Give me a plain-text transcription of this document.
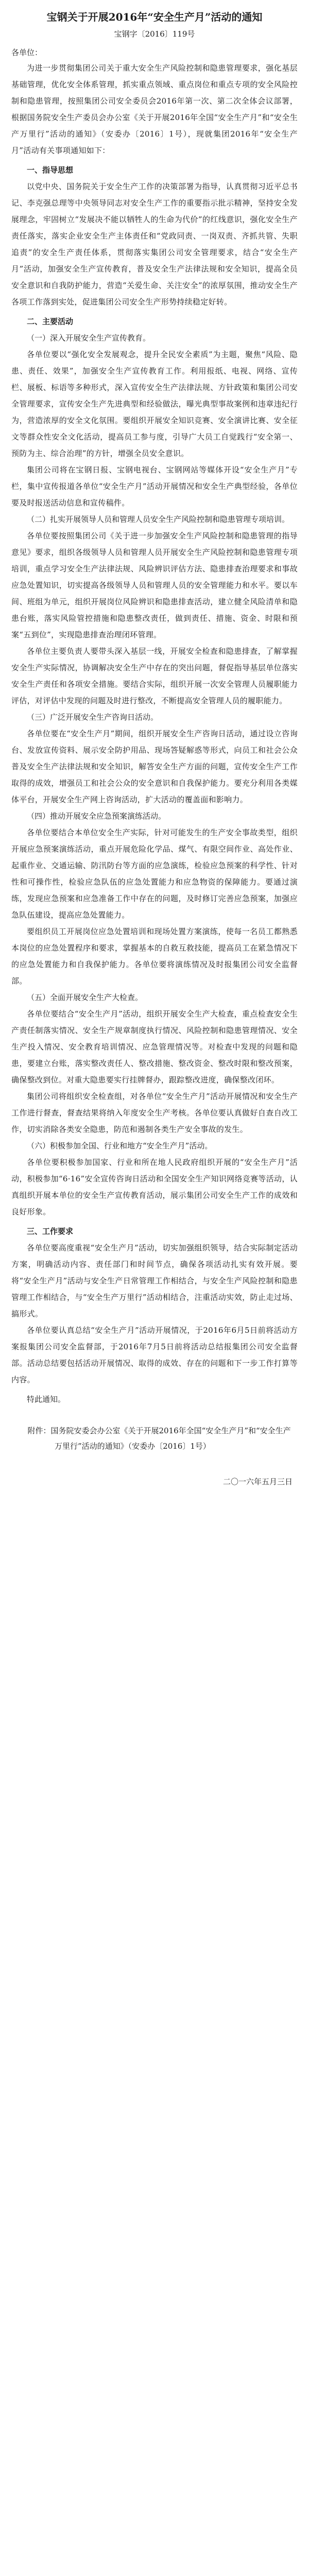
宝钢关于开展2016年“安全生产月”活动的通知
宝钢字〔2016〕119号
各单位：

为进一步贯彻集团公司关于重大安全生产风险控制和隐患管理要求，强化基层基础管理，优化安全体系管理，抓实重点领域、重点岗位和重点专项的安全风险控制和隐患管理，按照集团公司安全委员会2016年第一次、第二次全体会议部署，根据国务院安全生产委员会办公室《关于开展2016年全国“安全生产月”和“安全生产万里行”活动的通知》（安委办〔2016〕1号），现就集团2016年“安全生产月”活动有关事项通知如下：

一、指导思想

以党中央、国务院关于安全生产工作的决策部署为指导，认真贯彻习近平总书记、李克强总理等中央领导同志对安全生产工作的重要指示批示精神，坚持安全发展理念，牢固树立“发展决不能以牺牲人的生命为代价”的红线意识，强化安全生产责任落实，落实企业安全生产主体责任和“党政同责、一岗双责、齐抓共管、失职追责”的安全生产责任体系，贯彻落实集团公司安全管理要求，结合“安全生产月”活动，加强安全生产宣传教育，普及安全生产法律法规和安全知识，提高全员安全意识和自我防护能力，营造“关爱生命、关注安全”的浓厚氛围，推动安全生产各项工作落到实处，促进集团公司安全生产形势持续稳定好转。

二、主要活动
（一）深入开展安全生产宣传教育。

各单位要以“强化安全发展观念，提升全民安全素质”为主题，聚焦“风险、隐患、责任、效果”，加强安全生产宣传教育工作。利用报纸、电视、网络、宣传栏、展板、标语等多种形式，深入宣传安全生产法律法规、方针政策和集团公司安全管理要求，宣传安全生产先进典型和经验做法，曝光典型事故案例和违章违纪行为，营造浓厚的安全文化氛围。要组织开展安全知识竞赛、安全演讲比赛、安全征文等群众性安全文化活动，提高员工参与度，引导广大员工自觉践行“安全第一、预防为主、综合治理”的方针，增强全员安全意识。

集团公司将在宝钢日报、宝钢电视台、宝钢网站等媒体开设“安全生产月”专栏，集中宣传报道各单位“安全生产月”活动开展情况和安全生产典型经验，各单位要及时报送活动信息和宣传稿件。

（二）扎实开展领导人员和管理人员安全生产风险控制和隐患管理专项培训。

各单位要按照集团公司《关于进一步加强安全生产风险控制和隐患管理的指导意见》要求，组织各级领导人员和管理人员开展安全生产风险控制和隐患管理专项培训，重点学习安全生产法律法规、风险辨识评估方法、隐患排查治理要求和事故应急处置知识，切实提高各级领导人员和管理人员的安全管理能力和水平。要以车间、班组为单元，组织开展岗位风险辨识和隐患排查活动，建立健全风险清单和隐患台账，落实风险管控措施和隐患整改责任，做到责任、措施、资金、时限和预案“五到位”，实现隐患排查治理闭环管理。

各单位主要负责人要带头深入基层一线，开展安全检查和隐患排查，了解掌握安全生产实际情况，协调解决安全生产中存在的突出问题，督促指导基层单位落实安全生产责任和各项安全措施。要结合实际，组织开展一次安全管理人员履职能力评估，对评估中发现的问题及时进行整改，不断提高安全管理人员的履职能力。

（三）广泛开展安全生产咨询日活动。

各单位要在“安全生产月”期间，组织开展安全生产咨询日活动，通过设立咨询台、发放宣传资料、展示安全防护用品、现场答疑解惑等形式，向员工和社会公众普及安全生产法律法规和安全知识，解答安全生产方面的问题，宣传安全生产工作取得的成效，增强员工和社会公众的安全意识和自我保护能力。要充分利用各类媒体平台，开展安全生产网上咨询活动，扩大活动的覆盖面和影响力。

（四）推动开展安全应急预案演练活动。

各单位要结合本单位安全生产实际，针对可能发生的生产安全事故类型，组织开展应急预案演练活动，重点开展危险化学品、煤气、有限空间作业、高处作业、起重作业、交通运输、防汛防台等方面的应急演练，检验应急预案的科学性、针对性和可操作性，检验应急队伍的应急处置能力和应急物资的保障能力。要通过演练，发现应急预案和应急准备工作中存在的问题，及时修订完善应急预案，加强应急队伍建设，提高应急处置能力。

要组织员工开展岗位应急处置培训和现场处置方案演练，使每一名员工都熟悉本岗位的应急处置程序和要求，掌握基本的自救互救技能，提高员工在紧急情况下的应急处置能力和自我保护能力。各单位要将演练情况及时报集团公司安全监督部。

（五）全面开展安全生产大检查。

各单位要结合“安全生产月”活动，组织开展安全生产大检查，重点检查安全生产责任制落实情况、安全生产规章制度执行情况、风险控制和隐患管理情况、安全生产投入情况、安全教育培训情况、应急管理情况等。对检查中发现的问题和隐患，要建立台账，落实整改责任人、整改措施、整改资金、整改时限和整改预案，确保整改到位。对重大隐患要实行挂牌督办，跟踪整改进度，确保整改闭环。

集团公司将组织安全检查组，对各单位“安全生产月”活动开展情况和安全生产工作进行督查，督查结果将纳入年度安全生产考核。各单位要认真做好自查自改工作，切实消除各类安全隐患，防范和遏制各类生产安全事故的发生。

（六）积极参加全国、行业和地方“安全生产月”活动。

各单位要积极参加国家、行业和所在地人民政府组织开展的“安全生产月”活动，积极参加“6·16”安全宣传咨询日活动和全国安全生产知识网络竞赛等活动，认真组织开展本单位的安全生产宣传教育活动，展示集团公司安全生产工作的成效和良好形象。

三、工作要求

各单位要高度重视“安全生产月”活动，切实加强组织领导，结合实际制定活动方案，明确活动内容、责任部门和时间节点，确保各项活动扎实有效开展。要将“安全生产月”活动与安全生产日常管理工作相结合，与安全生产风险控制和隐患管理工作相结合，与“安全生产万里行”活动相结合，注重活动实效，防止走过场、搞形式。

各单位要认真总结“安全生产月”活动开展情况，于2016年6月5日前将活动方案报集团公司安全监督部，于2016年7月5日前将活动总结报集团公司安全监督部。活动总结要包括活动开展情况、取得的成效、存在的问题和下一步工作打算等内容。

特此通知。
附件：国务院安委会办公室《关于开展2016年全国“安全生产月”和“安全生产万里行”活动的通知》（安委办〔2016〕1号）
二〇一六年五月三日
